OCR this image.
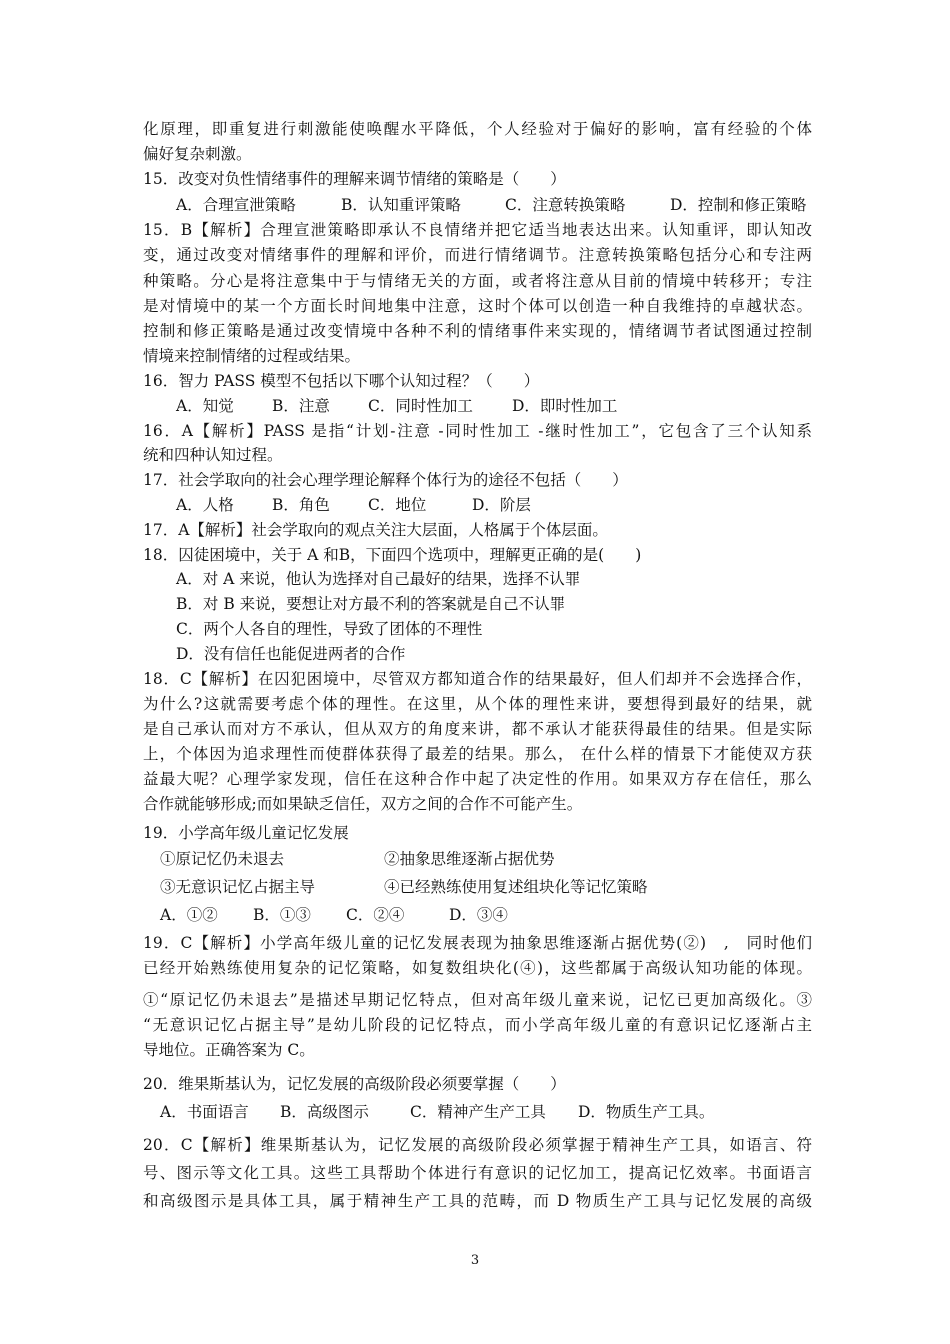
化原理，即重复进行刺激能使唤醒水平降低，个人经验对于偏好的影响，富有经验的个体
偏好复杂刺激。
15．改变对负性情绪事件的理解来调节情绪的策略是（　　）
A．合理宣泄策略	B．认知重评策略	C．注意转换策略	D．控制和修正策略
15．B【解析】合理宣泄策略即承认不良情绪并把它适当地表达出来。认知重评，即认知改
变，通过改变对情绪事件的理解和评价，而进行情绪调节。注意转换策略包括分心和专注两
种策略。分心是将注意集中于与情绪无关的方面，或者将注意从目前的情境中转移开；专注
是对情境中的某一个方面长时间地集中注意，这时个体可以创造一种自我维持的卓越状态。
控制和修正策略是通过改变情境中各种不利的情绪事件来实现的，情绪调节者试图通过控制
情境来控制情绪的过程或结果。
16．智力 PASS 模型不包括以下哪个认知过程？（　　）
A．知觉 B．注意 C．同时性加工	D．即时性加工
16．A【解析】PASS 是指“计划-注意 -同时性加工 -继时性加工”，它包含了三个认知系
统和四种认知过程。
17．社会学取向的社会心理学理论解释个体行为的途径不包括（　　）
A．人格 B．角色 C．地位	D．阶层
17．A【解析】社会学取向的观点关注大层面，人格属于个体层面。
18．囚徒困境中，关于 A 和B，下面四个选项中，理解更正确的是(　　)
A．对 A 来说，他认为选择对自己最好的结果，选择不认罪
B．对 B 来说，要想让对方最不利的答案就是自己不认罪
C．两个人各自的理性，导致了团体的不理性
D．没有信任也能促进两者的合作
18．C【解析】在囚犯困境中，尽管双方都知道合作的结果最好，但人们却并不会选择合作，
为什么?这就需要考虑个体的理性。在这里，从个体的理性来讲，要想得到最好的结果，就
是自己承认而对方不承认，但从双方的角度来讲，都不承认才能获得最佳的结果。但是实际
上，个体因为追求理性而使群体获得了最差的结果。那么， 在什么样的情景下才能使双方获
益最大呢？心理学家发现，信任在这种合作中起了决定性的作用。如果双方存在信任，那么
合作就能够形成;而如果缺乏信任，双方之间的合作不可能产生。
19．小学高年级儿童记忆发展
①原记忆仍未退去	②抽象思维逐渐占据优势
③无意识记忆占据主导	④已经熟练使用复述组块化等记忆策略
A．①② B．①③ C．②④	D．③④
19．C【解析】小学高年级儿童的记忆发展表现为抽象思维逐渐占据优势(②)　,　同时他们
已经开始熟练使用复杂的记忆策略，如复数组块化(④)，这些都属于高级认知功能的体现。
①“原记忆仍未退去”是描述早期记忆特点，但对高年级儿童来说，记忆已更加高级化。③
“无意识记忆占据主导”是幼儿阶段的记忆特点，而小学高年级儿童的有意识记忆逐渐占主
导地位。正确答案为 C。
20．维果斯基认为，记忆发展的高级阶段必须要掌握（　　）
A．书面语言 B．高级图示	C．精神产生产工具 D．物质生产工具。
20．C【解析】维果斯基认为，记忆发展的高级阶段必须掌握于精神生产工具，如语言、符
号、图示等文化工具。这些工具帮助个体进行有意识的记忆加工，提高记忆效率。书面语言
和高级图示是具体工具，属于精神生产工具的范畴，而 D 物质生产工具与记忆发展的高级
3
